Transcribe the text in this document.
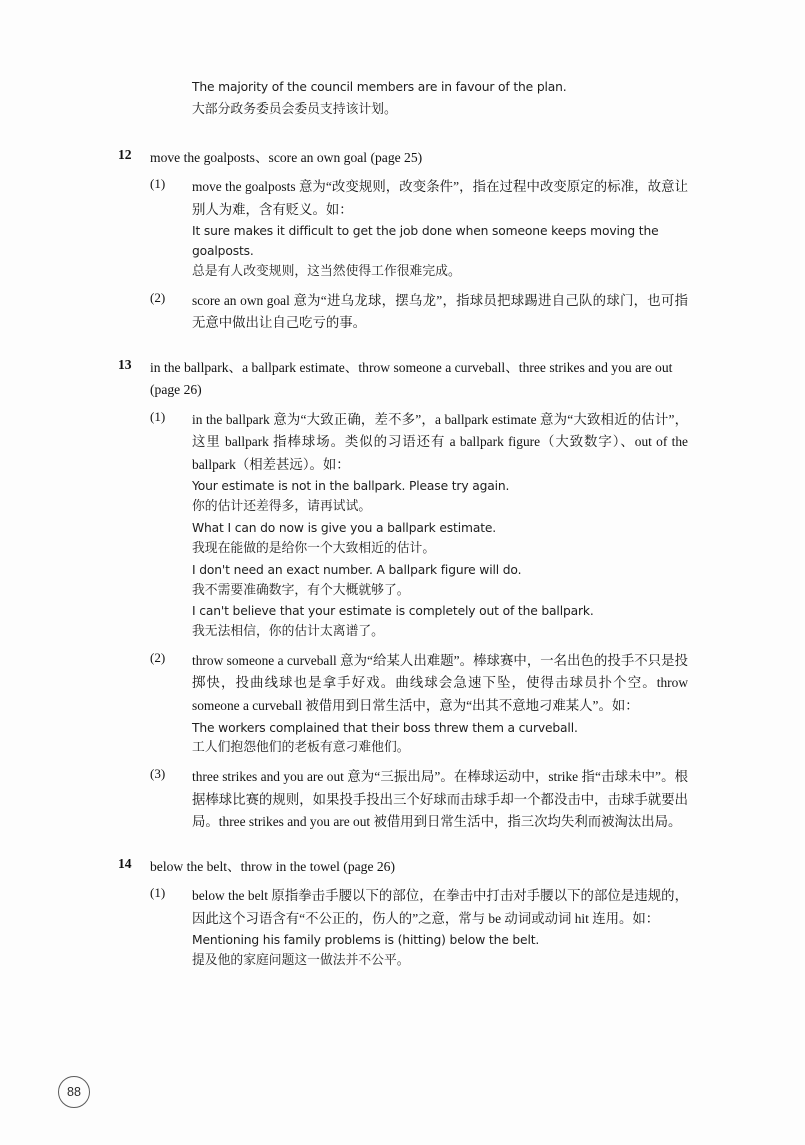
The majority of the council members are in favour of the plan.
大部分政务委员会委员支持该计划。
12	move the goalposts、score an own goal (page 25)
(1)	move the goalposts 意为“改变规则，改变条件”，指在过程中改变原定的标准，故意让别人为难，含有贬义。如：
It sure makes it difficult to get the job done when someone keeps moving the goalposts.
总是有人改变规则，这当然使得工作很难完成。
(2)	score an own goal 意为“进乌龙球，摆乌龙”，指球员把球踢进自己队的球门，也可指无意中做出让自己吃亏的事。
13	in the ballpark、a ballpark estimate、throw someone a curveball、three strikes and you are out (page 26)
(1)	in the ballpark 意为“大致正确，差不多”，a ballpark estimate 意为“大致相近的估计”，这里 ballpark 指棒球场。类似的习语还有 a ballpark figure（大致数字）、out of the ballpark（相差甚远）。如：
Your estimate is not in the ballpark. Please try again.
你的估计还差得多，请再试试。
What I can do now is give you a ballpark estimate.
我现在能做的是给你一个大致相近的估计。
I don't need an exact number. A ballpark figure will do.
我不需要准确数字，有个大概就够了。
I can't believe that your estimate is completely out of the ballpark.
我无法相信，你的估计太离谱了。
(2)	throw someone a curveball 意为“给某人出难题”。棒球赛中，一名出色的投手不只是投掷快，投曲线球也是拿手好戏。曲线球会急速下坠，使得击球员扑个空。throw someone a curveball 被借用到日常生活中，意为“出其不意地刁难某人”。如：
The workers complained that their boss threw them a curveball.
工人们抱怨他们的老板有意刁难他们。
(3)	three strikes and you are out 意为“三振出局”。在棒球运动中，strike 指“击球未中”。根据棒球比赛的规则，如果投手投出三个好球而击球手却一个都没击中，击球手就要出局。three strikes and you are out 被借用到日常生活中，指三次均失利而被淘汰出局。
14	below the belt、throw in the towel (page 26)
(1)	below the belt 原指拳击手腰以下的部位，在拳击中打击对手腰以下的部位是违规的，因此这个习语含有“不公正的，伤人的”之意，常与 be 动词或动词 hit 连用。如：
Mentioning his family problems is (hitting) below the belt.
提及他的家庭问题这一做法并不公平。
88
